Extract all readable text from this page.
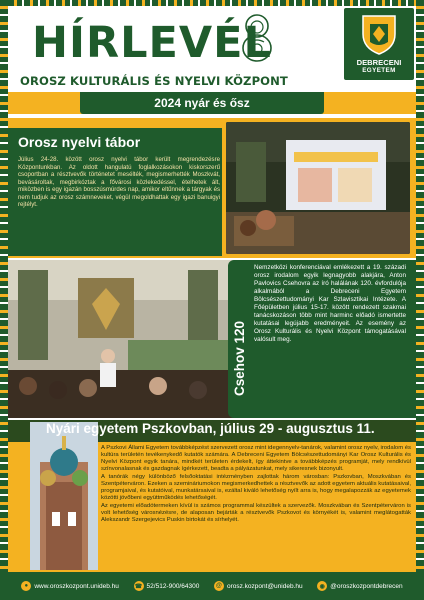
HÍRLEVÉL
OROSZ KULTURÁLIS ÉS NYELVI KÖZPONT
DEBRECENI
EGYETEM
2024 nyár és ősz
Orosz nyelvi tábor
Július 24-28. között orosz nyelvi tábor került megrendezésre Központunkban. Az oldott hangulatú foglalkozásokon kiskorszerű csoportban a résztvevők történetet mesélték, megismerhették Moszkvát, bevásároltak, megbirkóztak a fővárosi közlekedéssel, ételhetek ált, miközben is egy igazán bosszúsmúrdes nap, amikor eltűnnek a tárgyak és nem tudjuk az orosz számneveket, végül megoldhattak egy igazi banuigyi rejtélyt.
Csehov 120
Nemzetközi konferenciával emlékezett a 19. századi orosz irodalom egyik legnagyobb alakjára, Anton Pavlovics Csehovra az író halálának 120. évfordulója alkalmából a Debreceni Egyetem Bölcsészettudományi Kar Szlavisztikai Intézete. A Főépületben július 15-17. között rendezett szakmai tanácskozáson több mint harminc előadó ismertette kutatásai legújabb eredményeit. Az esemény az Orosz Kulturális és Nyelvi Központ támogatásával valósult meg.
Nyári egyetem Pszkovban, július 29 - augusztus 11.

A Pszkovi Állami Egyetem továbbképzést szervezett orosz mint idegennyelv-tanárok, valamint orosz nyelv, irodalom és kultúra területén tevékenykedő kutatók számára. A Debreceni Egyetem Bölcsészettudományi Kar Orosz Kulturális és Nyelvi Központ egyik tanára, mindkét területen érdekelt, így áttekintve a továbbképzés programját, mely rendkívül színvonalasnak és gazdagnak ígérkezett, beadta a pályázatunkat, mely sikeresnek bizonyult.

A tanórák négy különböző felsőoktatási intézményben zajlottak három városban: Pszkovban, Moszkvában és Szentpéterváron. Ezeken a szemináriumokon megismerkedhettek a résztvevők az adott egyetem aktuális kutatásaival, programjaival, és kutatóival, munkatársaival is, ezáltal kiváló lehetőség nyílt arra is, hogy megalapozzák az egyetemek közötti jövőbeni együttműködés lehetőségét.

Az egyetemi előadótermeken kívül is számos programmal készültek a szervezők. Moszkvában és Szentpéterváron is volt lehetőség városnézésre, de alaposan bejárták a résztvevők Pszkovot és környékét is, valamint meglátogatták Alekszandr Szergejevics Puskin birtokát és sírhelyét.

● www.oroszkozpont.unideb.hu	☎ 52/512-900/64300	@ orosz.kozpont@unideb.hu	◉ @oroszkozpontdebrecen
